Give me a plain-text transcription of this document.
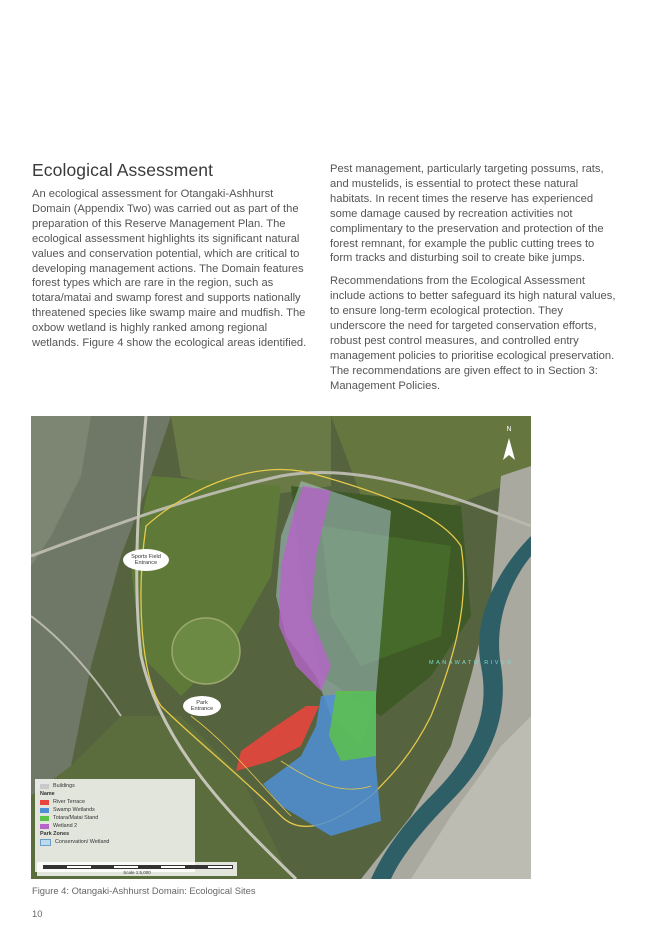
Ecological Assessment

An ecological assessment for Otangaki-Ashhurst Domain (Appendix Two) was carried out as part of the preparation of this Reserve Management Plan. The ecological assessment highlights its significant natural values and conservation potential, which are critical to developing management actions. The Domain features forest types which are rare in the region, such as totara/matai and swamp forest and supports nationally threatened species like swamp maire and mudfish. The oxbow wetland is highly ranked among regional wetlands. Figure 4 show the ecological areas identified.

Pest management, particularly targeting possums, rats, and mustelids, is essential to protect these natural habitats. In recent times the reserve has experienced some damage caused by recreation activities not complimentary to the preservation and protection of the forest remnant, for example the public cutting trees to form tracks and disturbing soil to create bike jumps.

Recommendations from the Ecological Assessment include actions to better safeguard its high natural values, to ensure long-term ecological protection. They underscore the need for targeted conservation efforts, robust pest control measures, and controlled entry management policies to prioritise ecological preservation. The recommendations are given effect to in Section 3: Management Policies.

Sports Field Entrance
Park Entrance
N
MANAWATU RIVER
Buildings
Name
River Terrace
Swamp Wetlands
Totara/Matai Stand
Wetland 2
Park Zones
Conservation/ Wetland
Scale 1:5,000
Figure 4: Otangaki-Ashhurst Domain: Ecological Sites
10
